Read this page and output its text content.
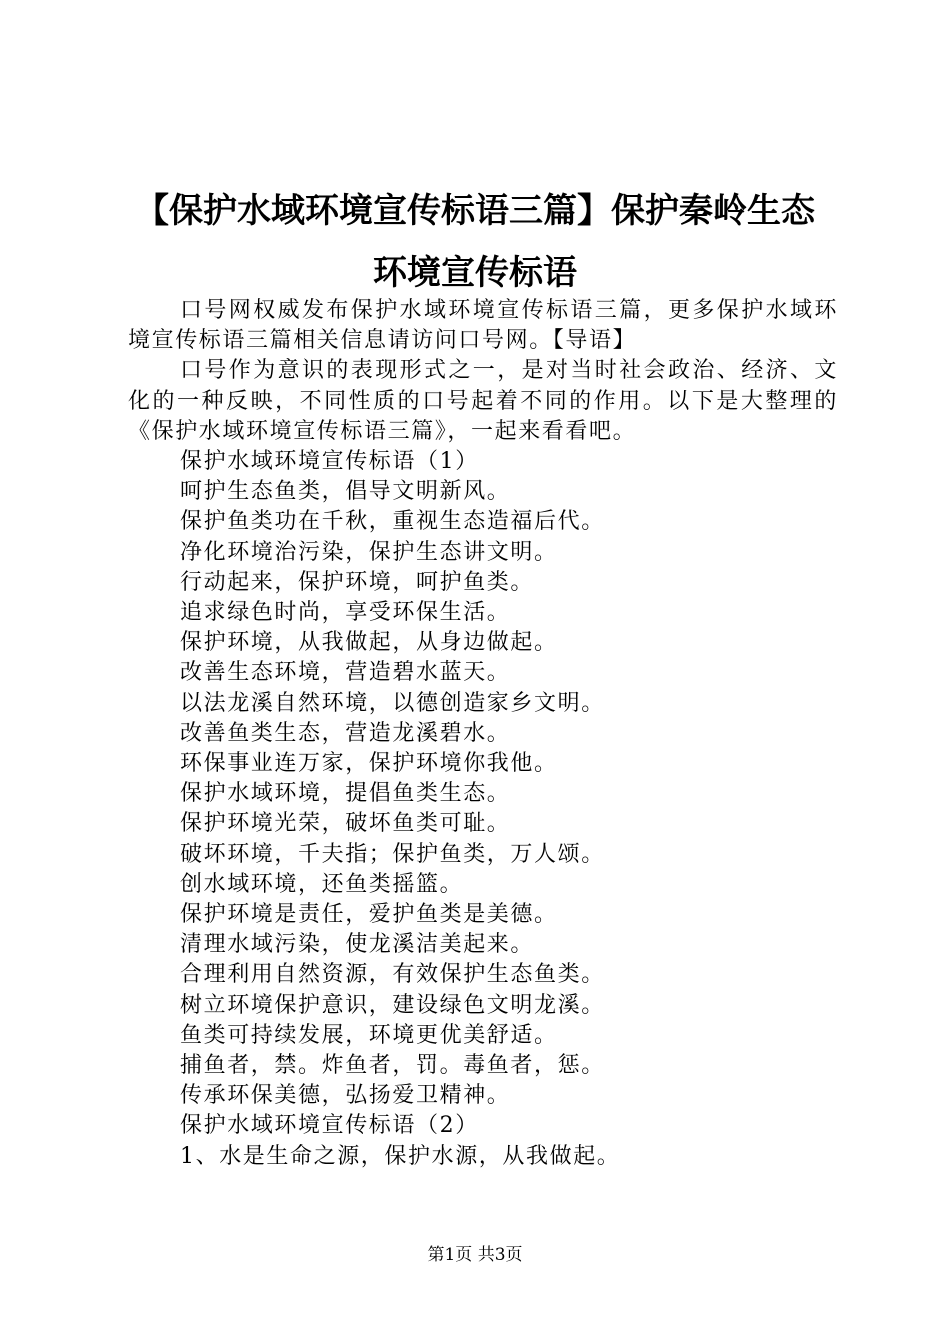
【保护水域环境宣传标语三篇】保护秦岭生态
环境宣传标语

口号网权威发布保护水域环境宣传标语三篇，更多保护水域环境宣传标语三篇相关信息请访问口号网。【导语】

口号作为意识的表现形式之一，是对当时社会政治、经济、文化的一种反映，不同性质的口号起着不同的作用。以下是大整理的《保护水域环境宣传标语三篇》，一起来看看吧。

保护水域环境宣传标语（1）

呵护生态鱼类，倡导文明新风。

保护鱼类功在千秋，重视生态造福后代。

净化环境治污染，保护生态讲文明。

行动起来，保护环境，呵护鱼类。

追求绿色时尚，享受环保生活。

保护环境，从我做起，从身边做起。

改善生态环境，营造碧水蓝天。

以法龙溪自然环境，以德创造家乡文明。

改善鱼类生态，营造龙溪碧水。

环保事业连万家，保护环境你我他。

保护水域环境，提倡鱼类生态。

保护环境光荣，破坏鱼类可耻。

破坏环境，千夫指；保护鱼类，万人颂。

创水域环境，还鱼类摇篮。

保护环境是责任，爱护鱼类是美德。

清理水域污染，使龙溪洁美起来。

合理利用自然资源，有效保护生态鱼类。

树立环境保护意识，建设绿色文明龙溪。

鱼类可持续发展，环境更优美舒适。

捕鱼者，禁。炸鱼者，罚。毒鱼者，惩。

传承环保美德，弘扬爱卫精神。

保护水域环境宣传标语（2）

1、水是生命之源，保护水源，从我做起。

第1页 共3页
